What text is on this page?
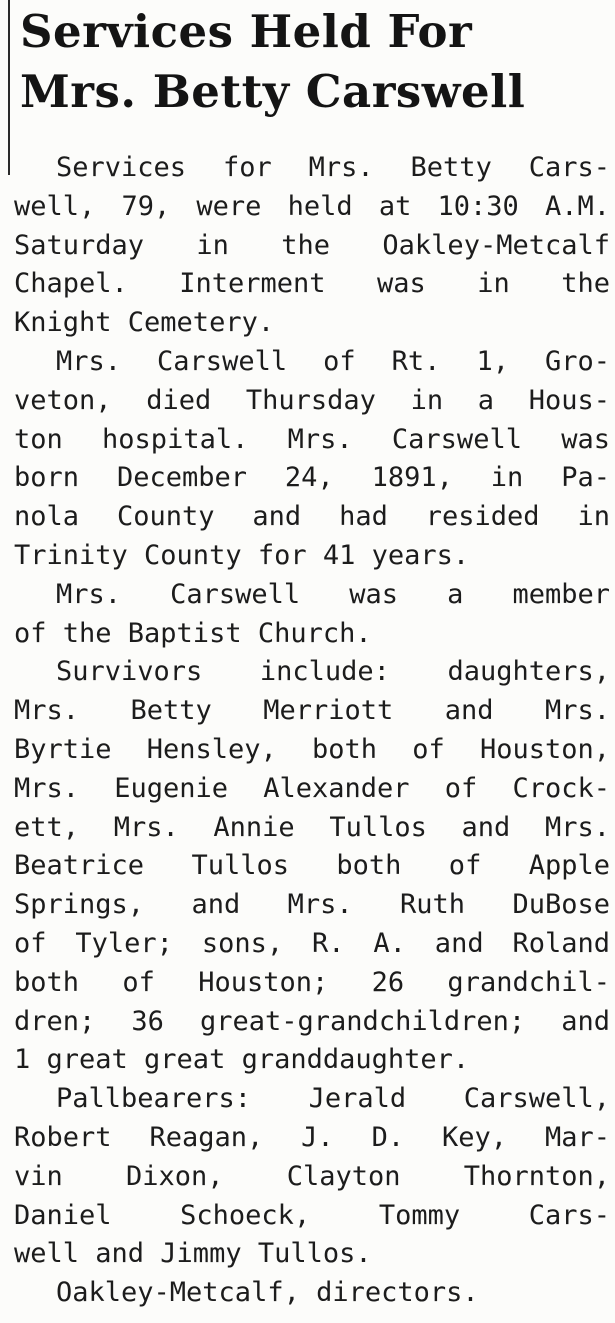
Services Held For
Mrs. Betty Carswell
Services for Mrs. Betty Cars-
well, 79, were held at 10:30 A.M.
Saturday in the Oakley-Metcalf
Chapel. Interment was in the
Knight Cemetery.
Mrs. Carswell of Rt. 1, Gro-
veton, died Thursday in a Hous-
ton hospital. Mrs. Carswell was
born December 24, 1891, in Pa-
nola County and had resided in
Trinity County for 41 years.
Mrs. Carswell was a member
of the Baptist Church.
Survivors include: daughters,
Mrs. Betty Merriott and Mrs.
Byrtie Hensley, both of Houston,
Mrs. Eugenie Alexander of Crock-
ett, Mrs. Annie Tullos and Mrs.
Beatrice Tullos both of Apple
Springs, and Mrs. Ruth DuBose
of Tyler; sons, R. A. and Roland
both of Houston; 26 grandchil-
dren; 36 great-grandchildren; and
1 great great granddaughter.
Pallbearers: Jerald Carswell,
Robert Reagan, J. D. Key, Mar-
vin Dixon, Clayton Thornton,
Daniel Schoeck, Tommy Cars-
well and Jimmy Tullos.
Oakley-Metcalf, directors.
